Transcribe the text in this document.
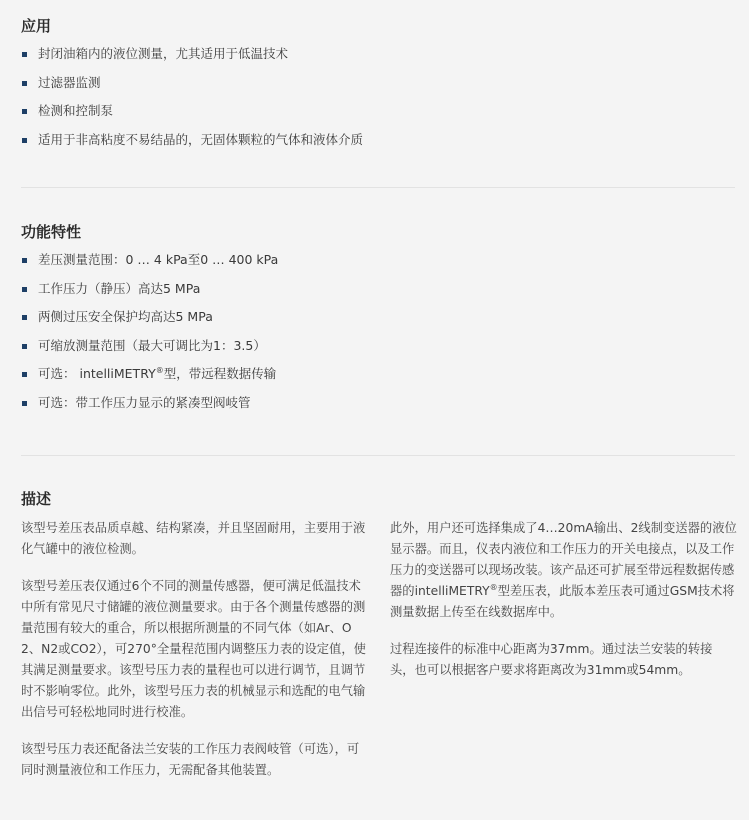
应用
封闭油箱内的液位测量，尤其适用于低温技术
过滤器监测
检测和控制泵
适用于非高粘度不易结晶的，无固体颗粒的气体和液体介质
功能特性
差压测量范围：0 … 4 kPa至0 … 400 kPa
工作压力（静压）高达5 MPa
两侧过压安全保护均高达5 MPa
可缩放测量范围（最大可调比为1：3.5）
可选： intelliMETRY®型，带远程数据传输
可选：带工作压力显示的紧凑型阀岐管
描述

该型号差压表品质卓越、结构紧凑，并且坚固耐用，主要用于液化气罐中的液位检测。

该型号差压表仅通过6个不同的测量传感器，便可满足低温技术中所有常见尺寸储罐的液位测量要求。由于各个测量传感器的测量范围有较大的重合，所以根据所测量的不同气体（如Ar、O2、N2或CO2），可270°全量程范围内调整压力表的设定值，使其满足测量要求。该型号压力表的量程也可以进行调节，且调节时不影响零位。此外，该型号压力表的机械显示和选配的电气输出信号可轻松地同时进行校准。

该型号压力表还配备法兰安装的工作压力表阀岐管（可选），可同时测量液位和工作压力，无需配备其他装置。

此外，用户还可选择集成了4…20mA输出、2线制变送器的液位显示器。而且，仪表内液位和工作压力的开关电接点，以及工作压力的变送器可以现场改装。该产品还可扩展至带远程数据传感器的intelliMETRY®型差压表，此版本差压表可通过GSM技术将测量数据上传至在线数据库中。

过程连接件的标准中心距离为37mm。通过法兰安装的转接头，也可以根据客户要求将距离改为31mm或54mm。
